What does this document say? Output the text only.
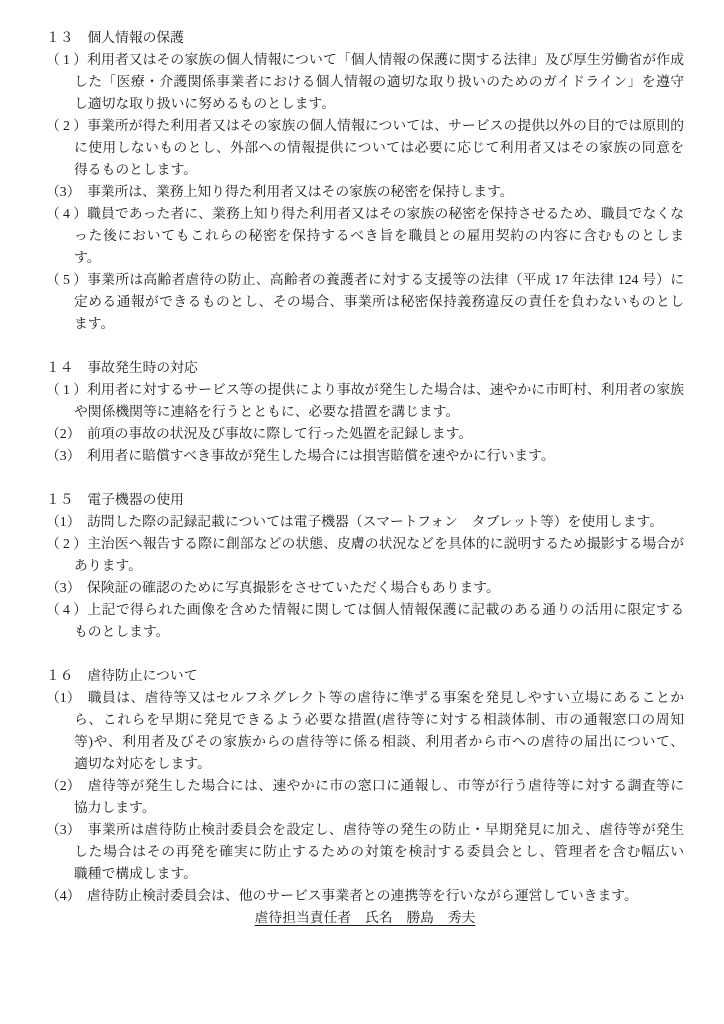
１３ 個人情報の保護
（1）利用者又はその家族の個人情報について「個人情報の保護に関する法律」及び厚生労働省が作成
した「医療・介護関係事業者における個人情報の適切な取り扱いのためのガイドライン」を遵守
し適切な取り扱いに努めるものとします。
（2）事業所が得た利用者又はその家族の個人情報については、サービスの提供以外の目的では原則的
に使用しないものとし、外部への情報提供については必要に応じて利用者又はその家族の同意を
得るものとします。
（3） 事業所は、業務上知り得た利用者又はその家族の秘密を保持します。
（4）職員であった者に、業務上知り得た利用者又はその家族の秘密を保持させるため、職員でなくな
った後においてもこれらの秘密を保持するべき旨を職員との雇用契約の内容に含むものとしま
す。
（5）事業所は高齢者虐待の防止、高齢者の養護者に対する支援等の法律（平成 17 年法律 124 号）に
定める通報ができるものとし、その場合、事業所は秘密保持義務違反の責任を負わないものとし
ます。
１４ 事故発生時の対応
（1）利用者に対するサービス等の提供により事故が発生した場合は、速やかに市町村、利用者の家族
や関係機関等に連絡を行うとともに、必要な措置を講じます。
（2） 前項の事故の状況及び事故に際して行った処置を記録します。
（3） 利用者に賠償すべき事故が発生した場合には損害賠償を速やかに行います。
１５ 電子機器の使用
（1） 訪問した際の記録記載については電子機器（スマートフォン　タブレット等）を使用します。
（2）主治医へ報告する際に創部などの状態、皮膚の状況などを具体的に説明するため撮影する場合が
あります。
（3） 保険証の確認のために写真撮影をさせていただく場合もあります。
（4）上記で得られた画像を含めた情報に関しては個人情報保護に記載のある通りの活用に限定する
ものとします。
１６ 虐待防止について
（1）　職員は、虐待等又はセルフネグレクト等の虐待に準ずる事案を発見しやすい立場にあることか
ら、これらを早期に発見できるよう必要な措置(虐待等に対する相談体制、市の通報窓口の周知
等)や、利用者及びその家族からの虐待等に係る相談、利用者から市への虐待の届出について、
適切な対応をします。
（2）　虐待等が発生した場合には、速やかに市の窓口に通報し、市等が行う虐待等に対する調査等に
協力します。
（3）　事業所は虐待防止検討委員会を設定し、虐待等の発生の防止・早期発見に加え、虐待等が発生
した場合はその再発を確実に防止するための対策を検討する委員会とし、管理者を含む幅広い
職種で構成します。
（4） 虐待防止検討委員会は、他のサービス事業者との連携等を行いながら運営していきます。
虐待担当責任者　氏名　勝島　秀夫
